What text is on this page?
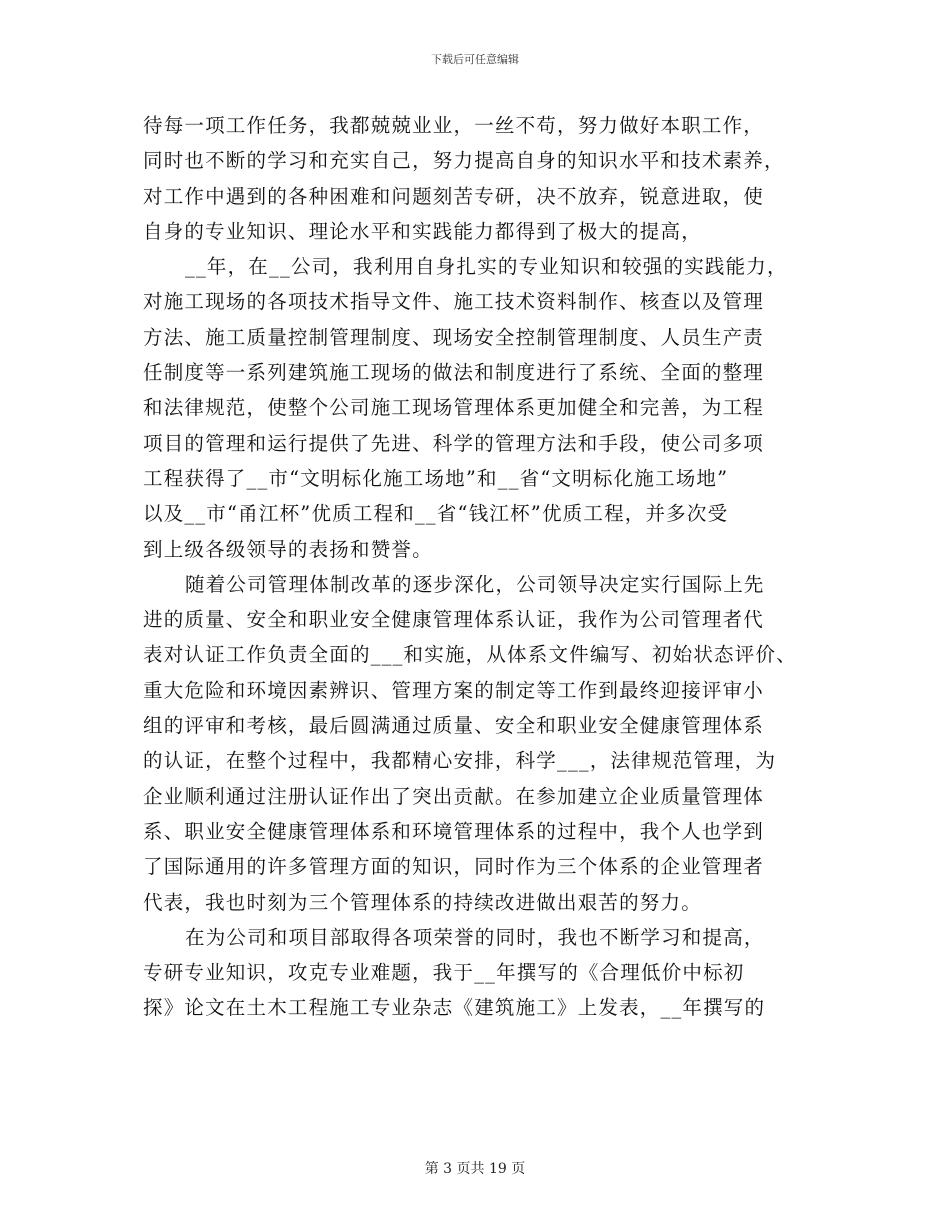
下载后可任意编辑
待每一项工作任务，我都兢兢业业，一丝不苟，努力做好本职工作，
同时也不断的学习和充实自己，努力提高自身的知识水平和技术素养，
对工作中遇到的各种困难和问题刻苦专研，决不放弃，锐意进取，使
自身的专业知识、理论水平和实践能力都得到了极大的提高，
__年，在__公司，我利用自身扎实的专业知识和较强的实践能力，
对施工现场的各项技术指导文件、施工技术资料制作、核查以及管理
方法、施工质量控制管理制度、现场安全控制管理制度、人员生产责
任制度等一系列建筑施工现场的做法和制度进行了系统、全面的整理
和法律规范，使整个公司施工现场管理体系更加健全和完善，为工程
项目的管理和运行提供了先进、科学的管理方法和手段，使公司多项
工程获得了__市“文明标化施工场地”和__省“文明标化施工场地”
以及__市“甬江杯”优质工程和__省“钱江杯”优质工程，并多次受
到上级各级领导的表扬和赞誉。
随着公司管理体制改革的逐步深化，公司领导决定实行国际上先
进的质量、安全和职业安全健康管理体系认证，我作为公司管理者代
表对认证工作负责全面的___和实施，从体系文件编写、初始状态评价、
重大危险和环境因素辨识、管理方案的制定等工作到最终迎接评审小
组的评审和考核，最后圆满通过质量、安全和职业安全健康管理体系
的认证，在整个过程中，我都精心安排，科学___，法律规范管理，为
企业顺利通过注册认证作出了突出贡献。在参加建立企业质量管理体
系、职业安全健康管理体系和环境管理体系的过程中，我个人也学到
了国际通用的许多管理方面的知识，同时作为三个体系的企业管理者
代表，我也时刻为三个管理体系的持续改进做出艰苦的努力。
在为公司和项目部取得各项荣誉的同时，我也不断学习和提高，
专研专业知识，攻克专业难题，我于__年撰写的《合理低价中标初
探》论文在土木工程施工专业杂志《建筑施工》上发表，__年撰写的
第 3 页共 19 页
